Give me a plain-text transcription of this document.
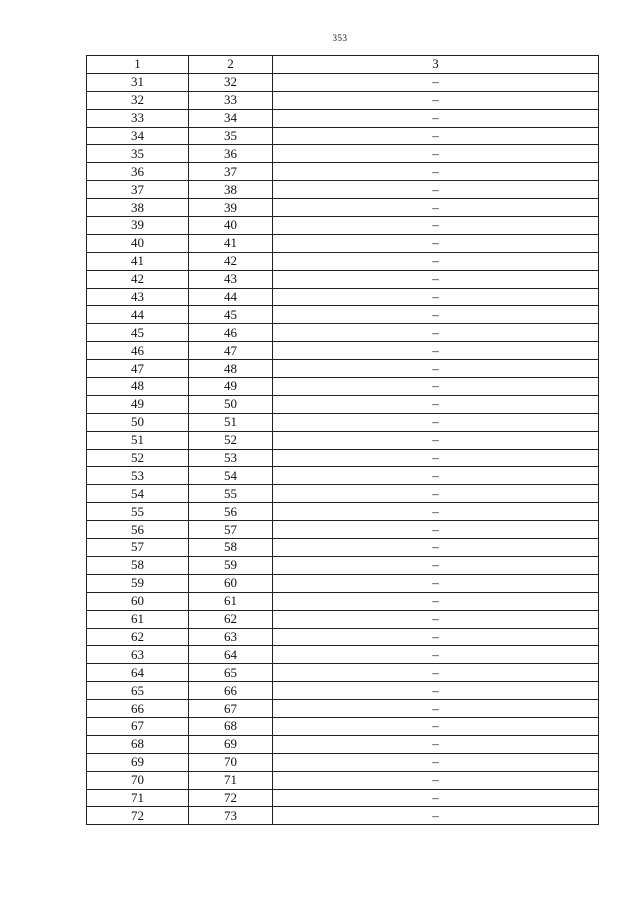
353
1	2	3
31	32	–
32	33	–
33	34	–
34	35	–
35	36	–
36	37	–
37	38	–
38	39	–
39	40	–
40	41	–
41	42	–
42	43	–
43	44	–
44	45	–
45	46	–
46	47	–
47	48	–
48	49	–
49	50	–
50	51	–
51	52	–
52	53	–
53	54	–
54	55	–
55	56	–
56	57	–
57	58	–
58	59	–
59	60	–
60	61	–
61	62	–
62	63	–
63	64	–
64	65	–
65	66	–
66	67	–
67	68	–
68	69	–
69	70	–
70	71	–
71	72	–
72	73	–
